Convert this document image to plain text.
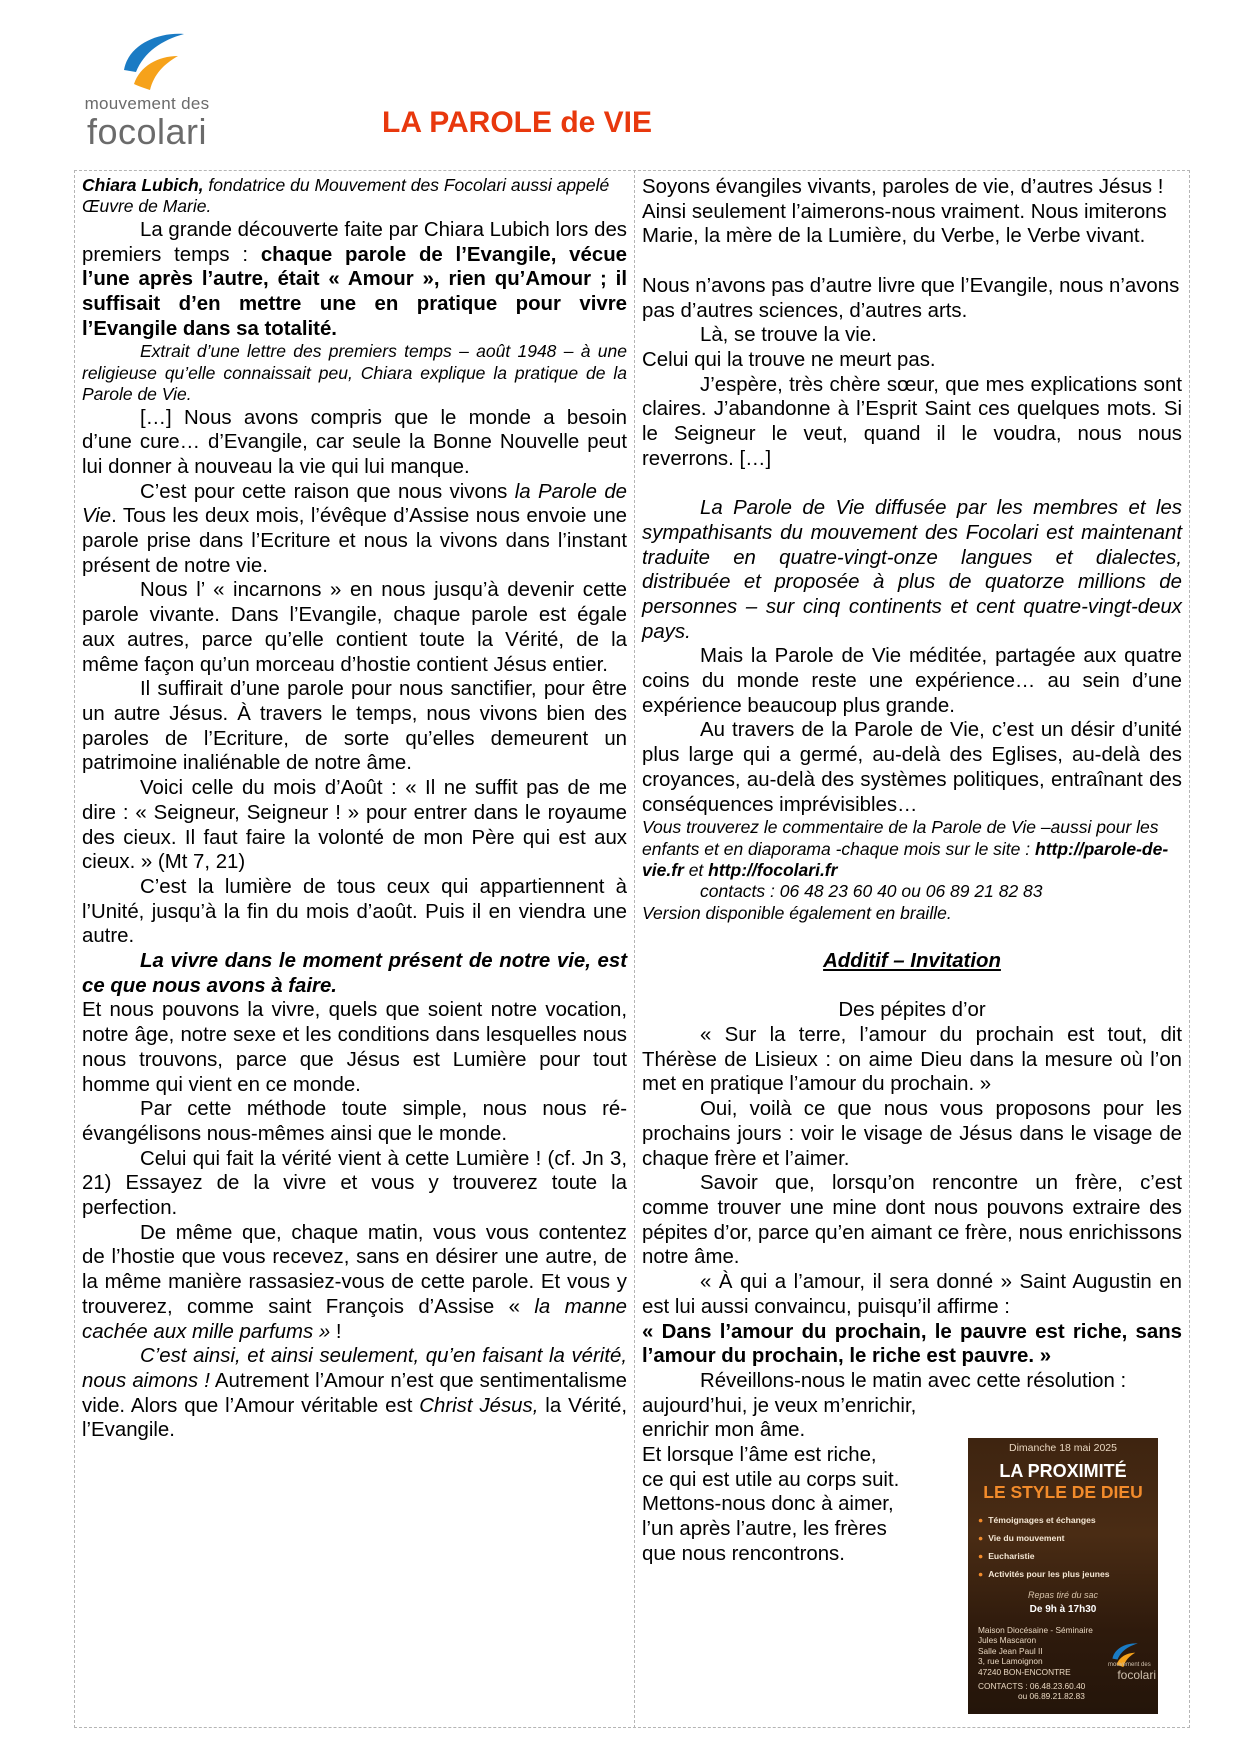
mouvement des
focolari	LA PAROLE de VIE

Chiara Lubich, fondatrice du Mouvement des Focolari aussi appelé Œuvre de Marie.

La grande découverte faite par Chiara Lubich lors des premiers temps : chaque parole de l’Evangile, vécue l’une après l’autre, était « Amour », rien qu’Amour ; il suffisait d’en mettre une en pratique pour vivre l’Evangile dans sa totalité.

Extrait d’une lettre des premiers temps – août 1948 – à une religieuse qu’elle connaissait peu, Chiara explique la pratique de la Parole de Vie.

[…] Nous avons compris que le monde a besoin d’une cure… d’Evangile, car seule la Bonne Nouvelle peut lui donner à nouveau la vie qui lui manque.

C’est pour cette raison que nous vivons la Parole de Vie. Tous les deux mois, l’évêque d’Assise nous envoie une parole prise dans l’Ecriture et nous la vivons dans l’instant présent de notre vie.

Nous l’ « incarnons » en nous jusqu’à devenir cette parole vivante. Dans l’Evangile, chaque parole est égale aux autres, parce qu’elle contient toute la Vérité, de la même façon qu’un morceau d’hostie contient Jésus entier.

Il suffirait d’une parole pour nous sanctifier, pour être un autre Jésus. À travers le temps, nous vivons bien des paroles de l’Ecriture, de sorte qu’elles demeurent un patrimoine inaliénable de notre âme.

Voici celle du mois d’Août : « Il ne suffit pas de me dire : « Seigneur, Seigneur ! » pour entrer dans le royaume des cieux. Il faut faire la volonté de mon Père qui est aux cieux. » (Mt 7, 21)

C’est la lumière de tous ceux qui appartiennent à l’Unité, jusqu’à la fin du mois d’août. Puis il en viendra une autre.

La vivre dans le moment présent de notre vie, est ce que nous avons à faire.

Et nous pouvons la vivre, quels que soient notre vocation, notre âge, notre sexe et les conditions dans lesquelles nous nous trouvons, parce que Jésus est Lumière pour tout homme qui vient en ce monde.

Par cette méthode toute simple, nous nous ré-évangélisons nous-mêmes ainsi que le monde.

Celui qui fait la vérité vient à cette Lumière ! (cf. Jn 3, 21) Essayez de la vivre et vous y trouverez toute la perfection.

De même que, chaque matin, vous vous contentez de l’hostie que vous recevez, sans en désirer une autre, de la même manière rassasiez-vous de cette parole. Et vous y trouverez, comme saint François d’Assise « la manne cachée aux mille parfums » !

C’est ainsi, et ainsi seulement, qu’en faisant la vérité, nous aimons ! Autrement l’Amour n’est que sentimentalisme vide. Alors que l’Amour véritable est Christ Jésus, la Vérité, l’Evangile.

Soyons évangiles vivants, paroles de vie, d’autres Jésus ! Ainsi seulement l’aimerons-nous vraiment. Nous imiterons Marie, la mère de la Lumière, du Verbe, le Verbe vivant.

Nous n’avons pas d’autre livre que l’Evangile, nous n’avons pas d’autres sciences, d’autres arts.

Là, se trouve la vie.

Celui qui la trouve ne meurt pas.

J’espère, très chère sœur, que mes explications sont claires. J’abandonne à l’Esprit Saint ces quelques mots. Si le Seigneur le veut, quand il le voudra, nous nous reverrons. […]

La Parole de Vie diffusée par les membres et les sympathisants du mouvement des Focolari est maintenant traduite en quatre-vingt-onze langues et dialectes, distribuée et proposée à plus de quatorze millions de personnes – sur cinq continents et cent quatre-vingt-deux pays.

Mais la Parole de Vie méditée, partagée aux quatre coins du monde reste une expérience… au sein d’une expérience beaucoup plus grande.

Au travers de la Parole de Vie, c’est un désir d’unité plus large qui a germé, au-delà des Eglises, au-delà des croyances, au-delà des systèmes politiques, entraînant des conséquences imprévisibles…

Vous trouverez le commentaire de la Parole de Vie –aussi pour les enfants et en diaporama -chaque mois sur le site : http://parole-de-vie.fr et http://focolari.fr

contacts : 06 48 23 60 40 ou 06 89 21 82 83

Version disponible également en braille.

Additif – Invitation

Des pépites d’or

« Sur la terre, l’amour du prochain est tout, dit Thérèse de Lisieux : on aime Dieu dans la mesure où l’on met en pratique l’amour du prochain. »

Oui, voilà ce que nous vous proposons pour les prochains jours : voir le visage de Jésus dans le visage de chaque frère et l’aimer.

Savoir que, lorsqu’on rencontre un frère, c’est comme trouver une mine dont nous pouvons extraire des pépites d’or, parce qu’en aimant ce frère, nous enrichissons notre âme.

« À qui a l’amour, il sera donné » Saint Augustin en est lui aussi convaincu, puisqu’il affirme :

« Dans l’amour du prochain, le pauvre est riche, sans l’amour du prochain, le riche est pauvre. »

Réveillons-nous le matin avec cette résolution :

aujourd’hui, je veux m’enrichir,

enrichir mon âme.

Et lorsque l’âme est riche,

ce qui est utile au corps suit.

Mettons-nous donc à aimer,

l’un après l’autre, les frères

que nous rencontrons.

Dimanche 18 mai 2025
LA PROXIMITÉ
LE STYLE DE DIEU
● Témoignages et échanges
● Vie du mouvement
● Eucharistie
● Activités pour les plus jeunes
Repas tiré du sac
De 9h à 17h30
Maison Diocésaine - Séminaire
Jules Mascaron
Salle Jean Paul II
3, rue Lamoignon
47240 BON-ENCONTRE
mouvement des
focolari
CONTACTS : 06.48.23.60.40
ou 06.89.21.82.83
